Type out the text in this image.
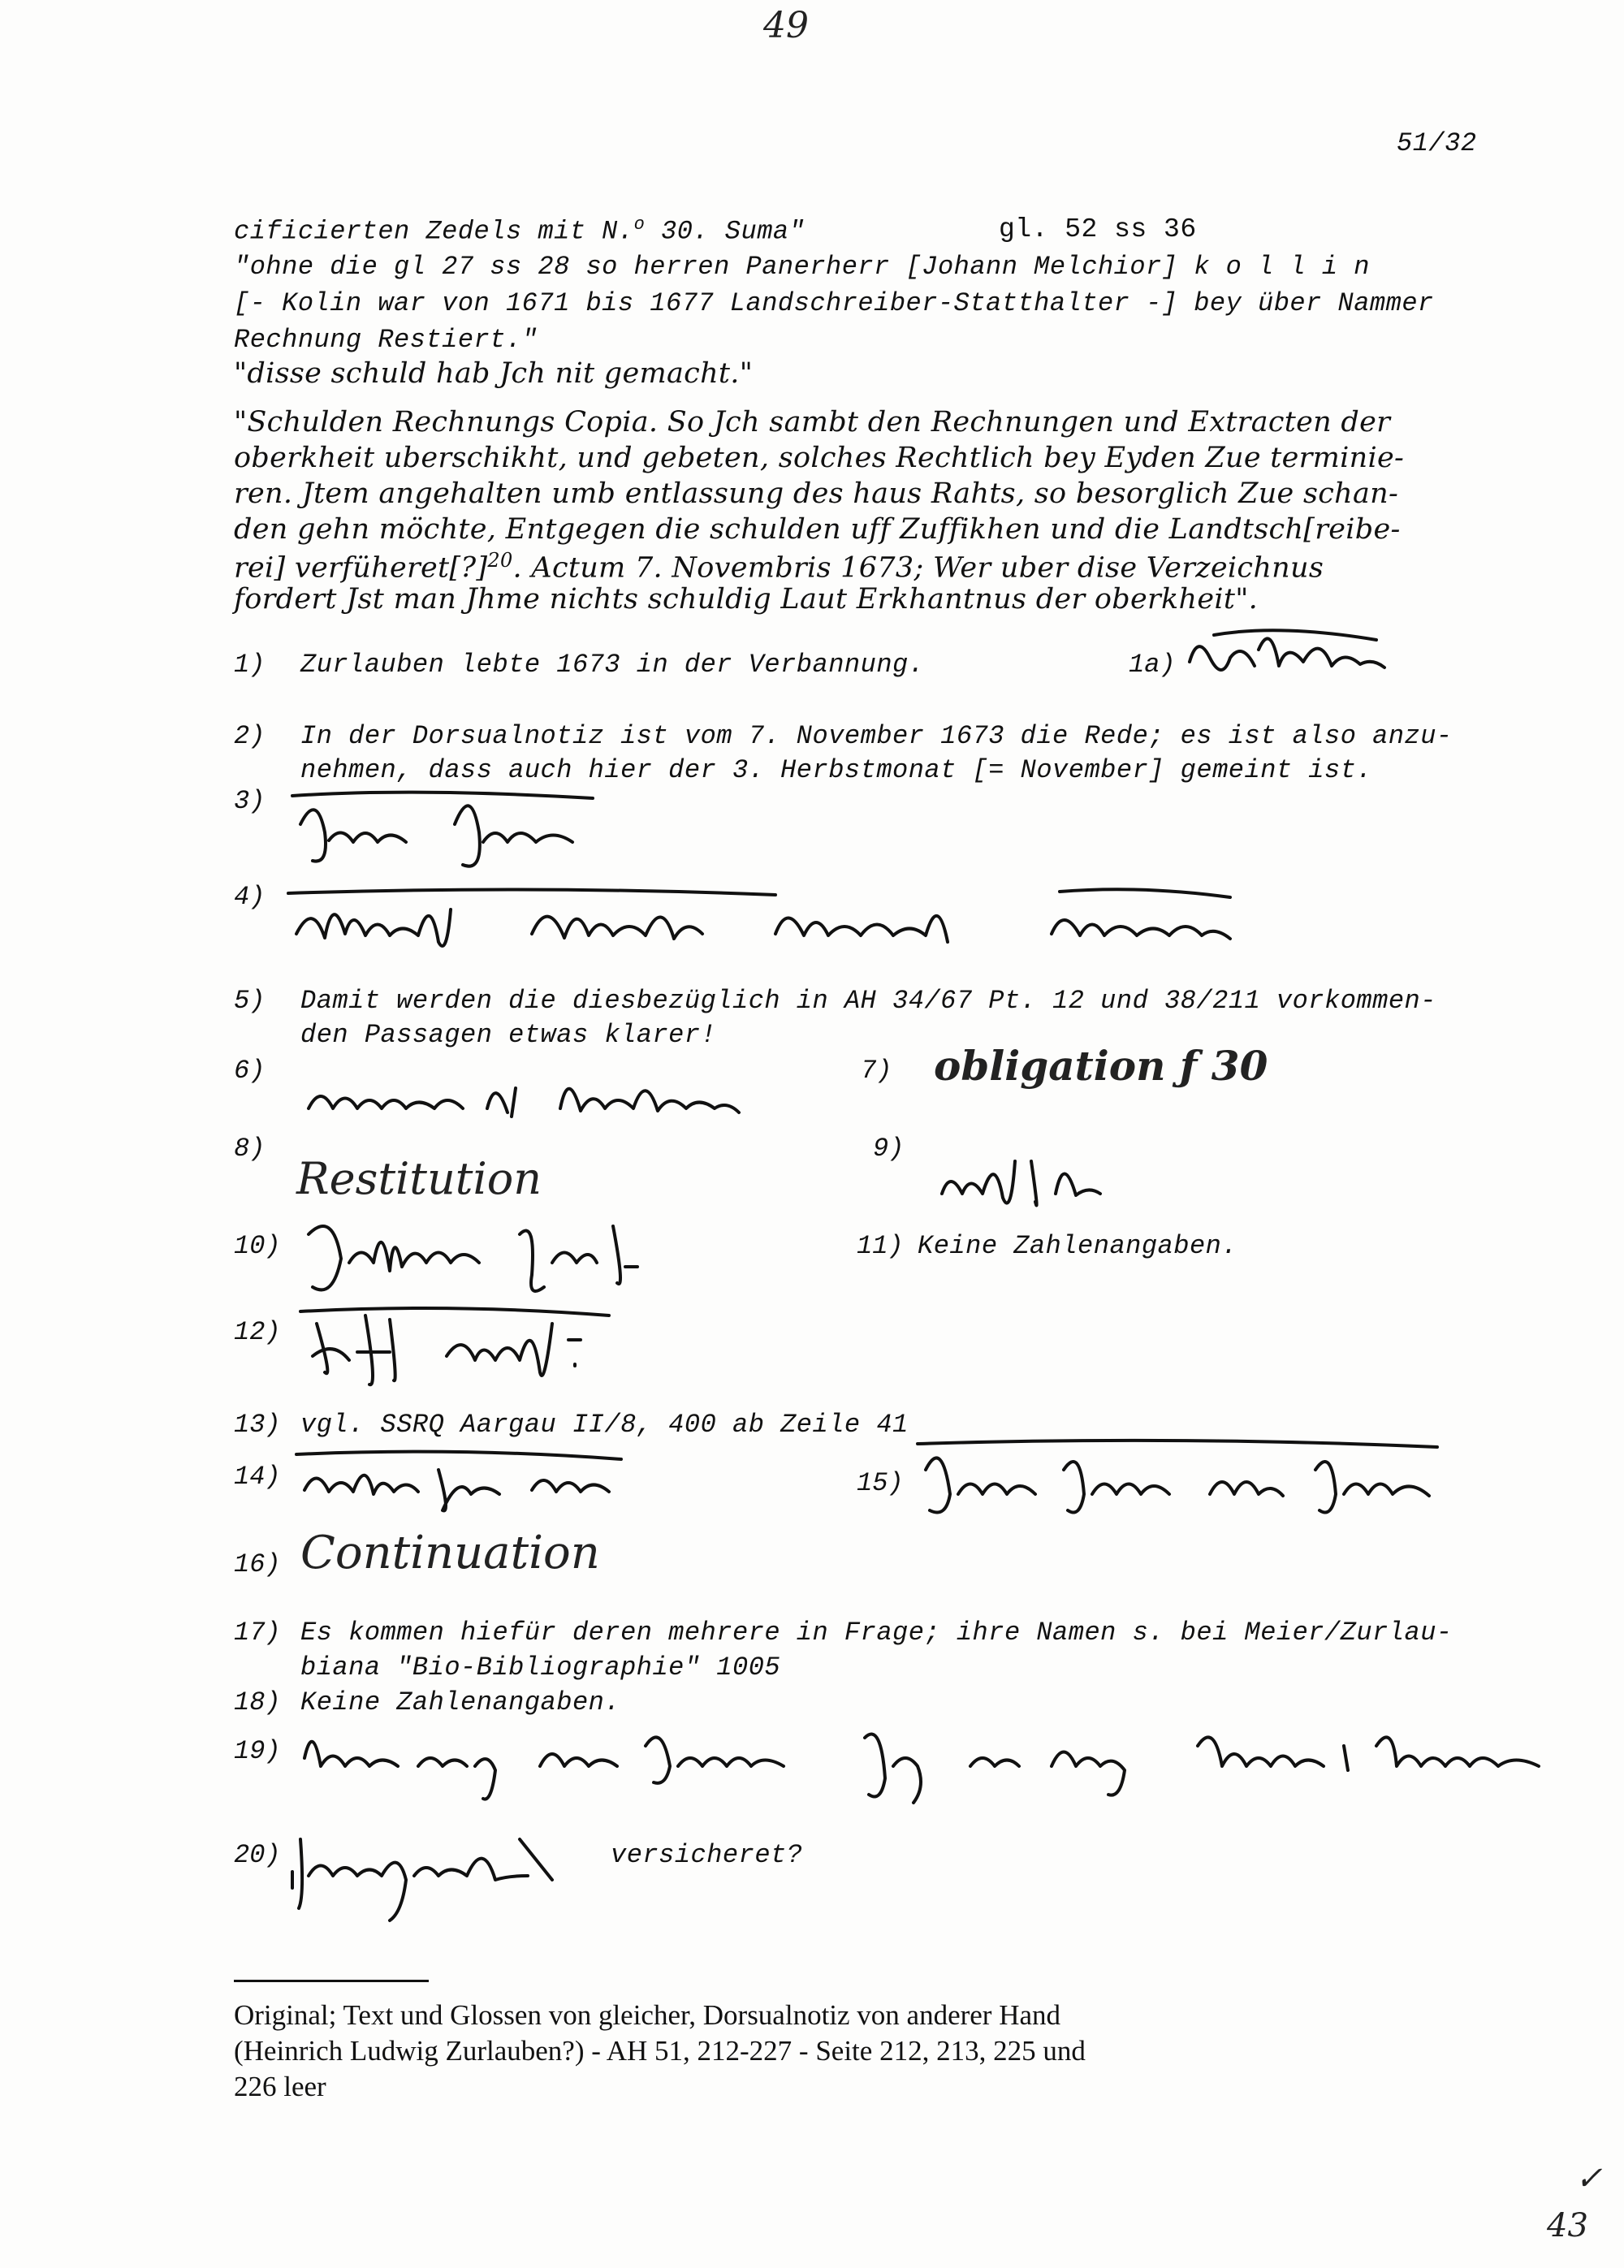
49
51/32
cificierten Zedels mit N.$^o$ 30. Suma"	gl. 52 ss 36
"ohne die gl 27 ss 28 so herren Panerherr [Johann Melchior] k o l l i n
[- Kolin war von 1671 bis 1677 Landschreiber-Statthalter -] bey über Nammer
Rechnung Restiert."
"disse schuld hab Jch nit gemacht."
"Schulden Rechnungs Copia. So Jch sambt den Rechnungen und Extracten der
oberkheit uberschikht, und gebeten, solches Rechtlich bey Eyden Zue terminie-
ren. Jtem angehalten umb entlassung des haus Rahts, so besorglich Zue schan-
den gehn möchte, Entgegen die schulden uff Zuffikhen und die Landtsch[reibe-
rei] verfüheret[?]$^{20}$. Actum 7. Novembris 1673; Wer uber dise Verzeichnus
fordert Jst man Jhme nichts schuldig Laut Erkhantnus der oberkheit".
1) Zurlauben lebte 1673 in der Verbannung.	1a)
2) In der Dorsualnotiz ist vom 7. November 1673 die Rede; es ist also anzu-
nehmen, dass auch hier der 3. Herbstmonat [= November] gemeint ist.
3)
4)
5) Damit werden die diesbezüglich in AH 34/67 Pt. 12 und 38/211 vorkommen-
den Passagen etwas klarer!
6)	7) obligation ƒ 30
8)
Restitution
9)
10)	11) Keine Zahlenangaben.
12)
13) vgl. SSRQ Aargau II/8, 400 ab Zeile 41
14)	15)
16) Continuation
17) Es kommen hiefür deren mehrere in Frage; ihre Namen s. bei Meier/Zurlau-
biana "Bio-Bibliographie" 1005
18) Keine Zahlenangaben.
19)
20)	versicheret?
Original; Text und Glossen von gleicher, Dorsualnotiz von anderer Hand
(Heinrich Ludwig Zurlauben?) - AH 51, 212-227 - Seite 212, 213, 225 und
226 leer
✓
43
